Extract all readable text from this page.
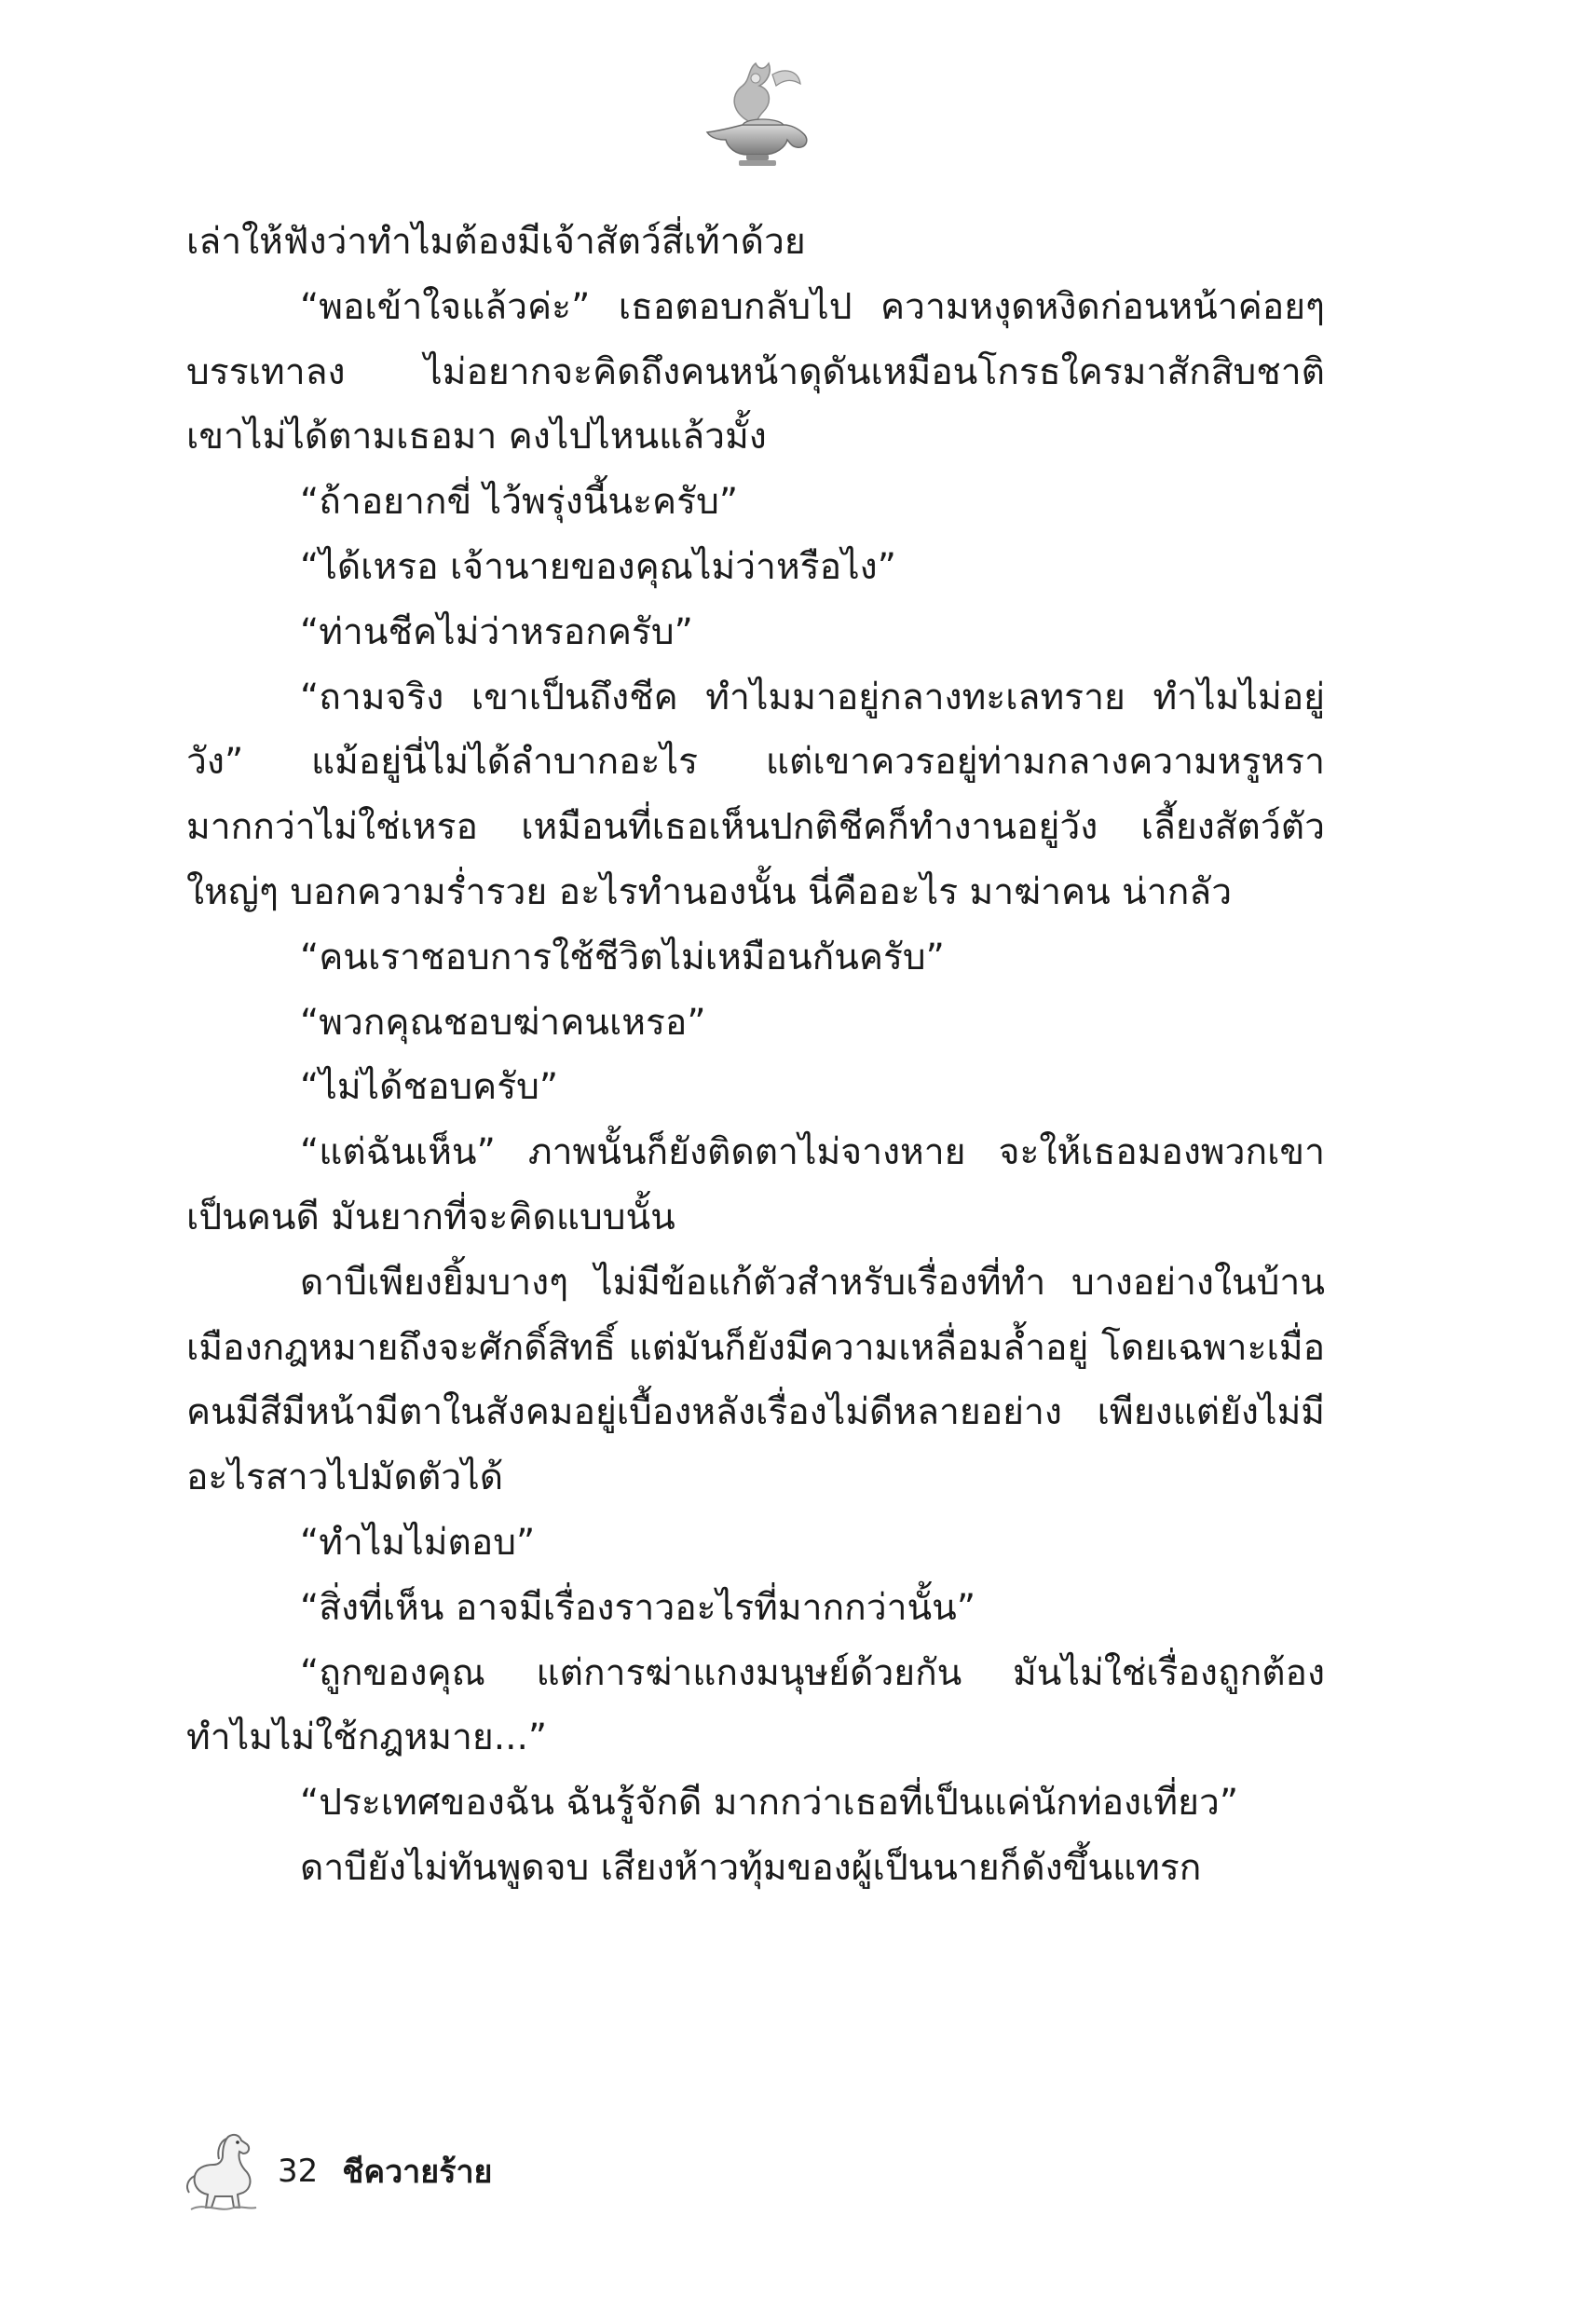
เล่าให้ฟังว่าทำไมต้องมีเจ้าสัตว์สี่เท้าด้วย

“พอเข้าใจแล้วค่ะ” เธอตอบกลับไป ความหงุดหงิดก่อนหน้าค่อยๆ บรรเทาลง ไม่อยากจะคิดถึงคนหน้าดุดันเหมือนโกรธใครมาสักสิบชาติ เขาไม่ได้ตามเธอมา คงไปไหนแล้วมั้ง

“ถ้าอยากขี่ ไว้พรุ่งนี้นะครับ”

“ได้เหรอ เจ้านายของคุณไม่ว่าหรือไง”

“ท่านชีคไม่ว่าหรอกครับ”

“ถามจริง เขาเป็นถึงชีค ทำไมมาอยู่กลางทะเลทราย ทำไมไม่อยู่วัง” แม้อยู่นี่ไม่ได้ลำบากอะไร แต่เขาควรอยู่ท่ามกลางความหรูหรามากกว่าไม่ใช่เหรอ เหมือนที่เธอเห็นปกติชีคก็ทำงานอยู่วัง เลี้ยงสัตว์ตัวใหญ่ๆ บอกความร่ำรวย อะไรทำนองนั้น นี่คืออะไร มาฆ่าคน น่ากลัว

“คนเราชอบการใช้ชีวิตไม่เหมือนกันครับ”

“พวกคุณชอบฆ่าคนเหรอ”

“ไม่ได้ชอบครับ”

“แต่ฉันเห็น” ภาพนั้นก็ยังติดตาไม่จางหาย จะให้เธอมองพวกเขาเป็นคนดี มันยากที่จะคิดแบบนั้น

ดาบีเพียงยิ้มบางๆ ไม่มีข้อแก้ตัวสำหรับเรื่องที่ทำ บางอย่างในบ้านเมืองกฎหมายถึงจะศักดิ์สิทธิ์ แต่มันก็ยังมีความเหลื่อมล้ำอยู่ โดยเฉพาะเมื่อคนมีสีมีหน้ามีตาในสังคมอยู่เบื้องหลังเรื่องไม่ดีหลายอย่าง เพียงแต่ยังไม่มีอะไรสาวไปมัดตัวได้

“ทำไมไม่ตอบ”

“สิ่งที่เห็น อาจมีเรื่องราวอะไรที่มากกว่านั้น”

“ถูกของคุณ แต่การฆ่าแกงมนุษย์ด้วยกัน มันไม่ใช่เรื่องถูกต้อง ทำไมไม่ใช้กฎหมาย...”

“ประเทศของฉัน ฉันรู้จักดี มากกว่าเธอที่เป็นแค่นักท่องเที่ยว”

ดาบียังไม่ทันพูดจบ เสียงห้าวทุ้มของผู้เป็นนายก็ดังขึ้นแทรก

32 ชีควายร้าย
